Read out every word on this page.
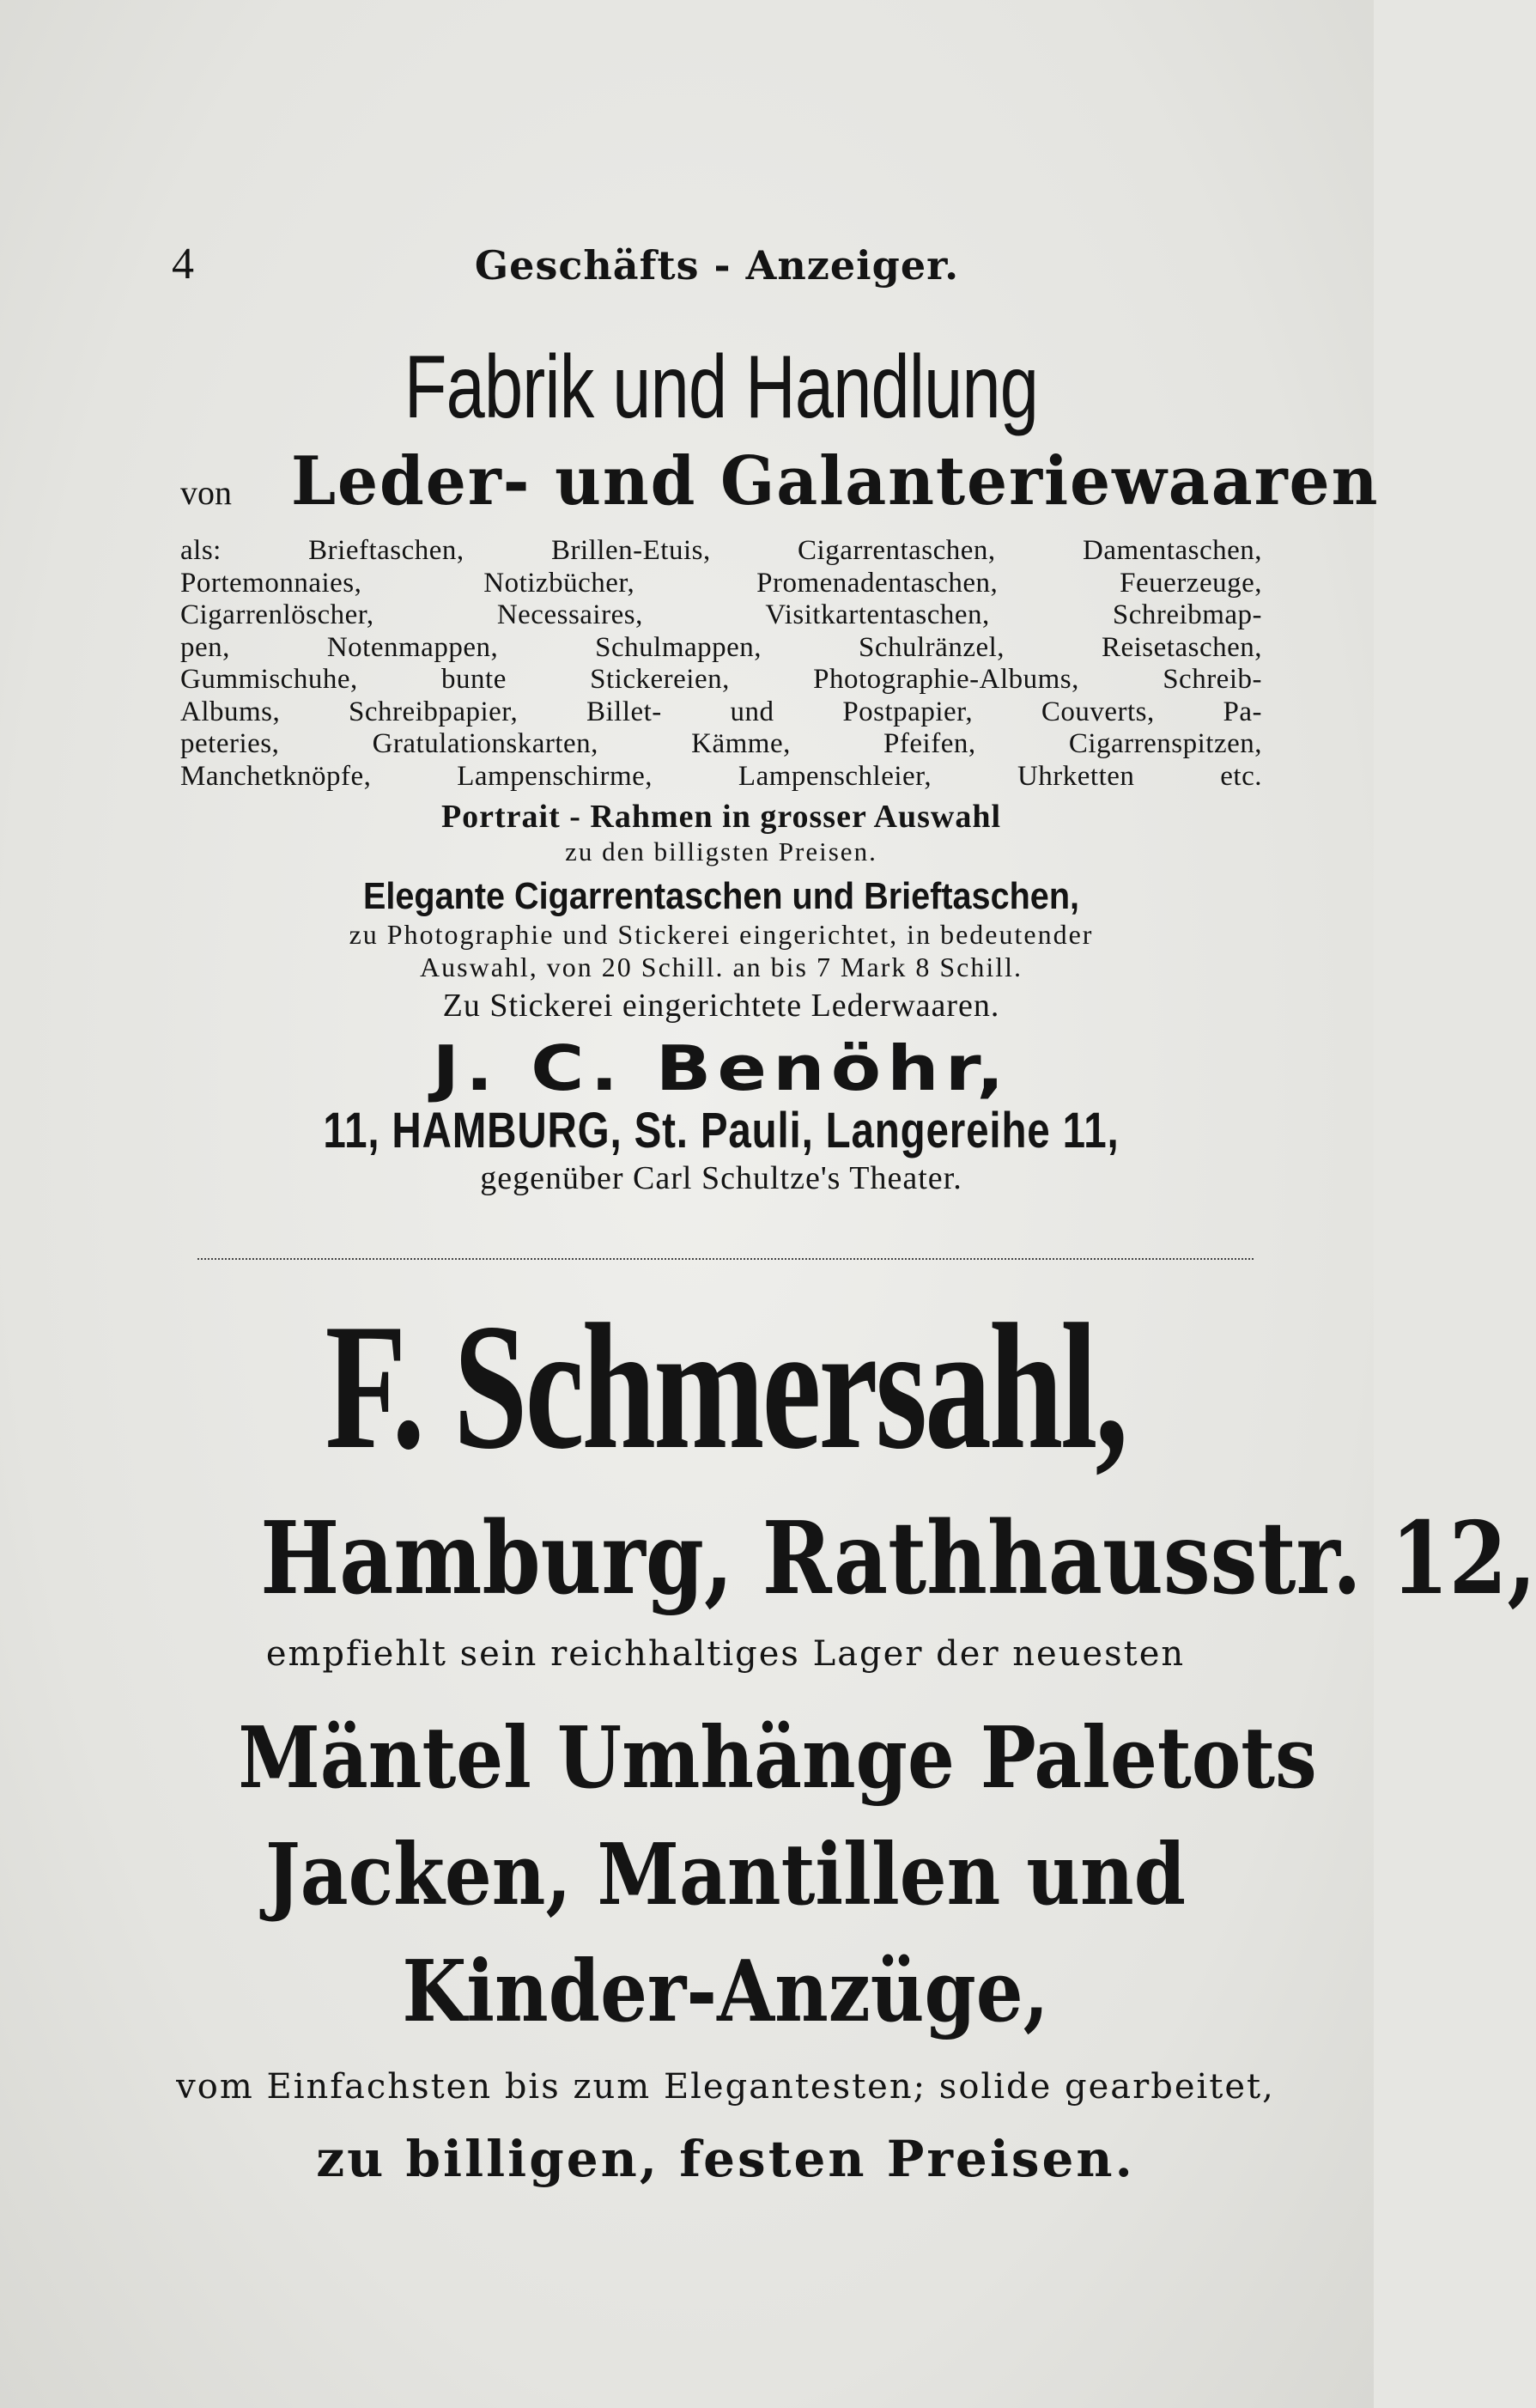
4	Geschäfts - Anzeiger.
Fabrik und Handlung
von Leder- und Galanteriewaaren
als: Brieftaschen, Brillen-Etuis, Cigarrentaschen, Damentaschen,
Portemonnaies, Notizbücher, Promenadentaschen, Feuerzeuge,
Cigarrenlöscher, Necessaires, Visitkartentaschen, Schreibmap-
pen, Notenmappen, Schulmappen, Schulränzel, Reisetaschen,
Gummischuhe, bunte Stickereien, Photographie-Albums, Schreib-
Albums, Schreibpapier, Billet- und Postpapier, Couverts, Pa-
peteries, Gratulationskarten, Kämme, Pfeifen, Cigarrenspitzen,
Manchetknöpfe, Lampenschirme, Lampenschleier, Uhrketten etc.
Portrait - Rahmen in grosser Auswahl
zu den billigsten Preisen.
Elegante Cigarrentaschen und Brieftaschen,
zu Photographie und Stickerei eingerichtet, in bedeutender
Auswahl, von 20 Schill. an bis 7 Mark 8 Schill.
Zu Stickerei eingerichtete Lederwaaren.
J. C. Benöhr,
11, HAMBURG, St. Pauli, Langereihe 11,
gegenüber Carl Schultze's Theater.
F. Schmersahl,
Hamburg, Rathhausstr. 12,
empfiehlt sein reichhaltiges Lager der neuesten
Mäntel Umhänge Paletots
Jacken, Mantillen und
Kinder-Anzüge,
vom Einfachsten bis zum Elegantesten; solide gearbeitet,
zu billigen, festen Preisen.
